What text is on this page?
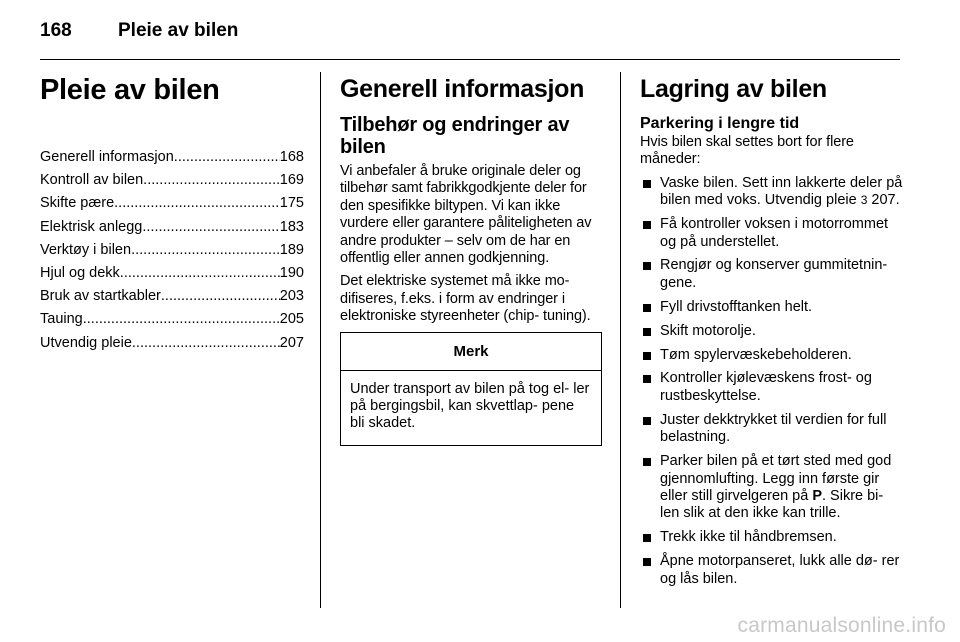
168 Pleie av bilen
Pleie av bilen
Generell informasjon .....	168
Kontroll av bilen .....	169
Skifte pære .....	175
Elektrisk anlegg .....	183
Verktøy i bilen .....	189
Hjul og dekk .....	190
Bruk av startkabler .....	203
Tauing .....	205
Utvendig pleie .....	207
Generell informasjon
Tilbehør og endringer av bilen

Vi anbefaler å bruke originale deler og tilbehør samt fabrikkgodkjente deler for den spesifikke biltypen. Vi kan ikke vurdere eller garantere påliteligheten av andre produkter – selv om de har en offentlig eller annen godkjenning.

Det elektriske systemet må ikke mo- difiseres, f.eks. i form av endringer i elektroniske styreenheter (chip- tuning).

Merk
Under transport av bilen på tog el- ler på bergingsbil, kan skvettlap- pene bli skadet.
Lagring av bilen
Parkering i lengre tid

Hvis bilen skal settes bort for flere måneder:

Vaske bilen. Sett inn lakkerte deler på bilen med voks. Utvendig pleie 3 207.
Få kontroller voksen i motorrommet og på understellet.
Rengjør og konserver gummitetnin- gene.
Fyll drivstofftanken helt.
Skift motorolje.
Tøm spylervæskebeholderen.
Kontroller kjølevæskens frost- og rustbeskyttelse.
Juster dekktrykket til verdien for full belastning.
Parker bilen på et tørt sted med god gjennomlufting. Legg inn første gir eller still girvelgeren på P. Sikre bi- len slik at den ikke kan trille.
Trekk ikke til håndbremsen.
Åpne motorpanseret, lukk alle dø- rer og lås bilen.
carmanualsonline.info
